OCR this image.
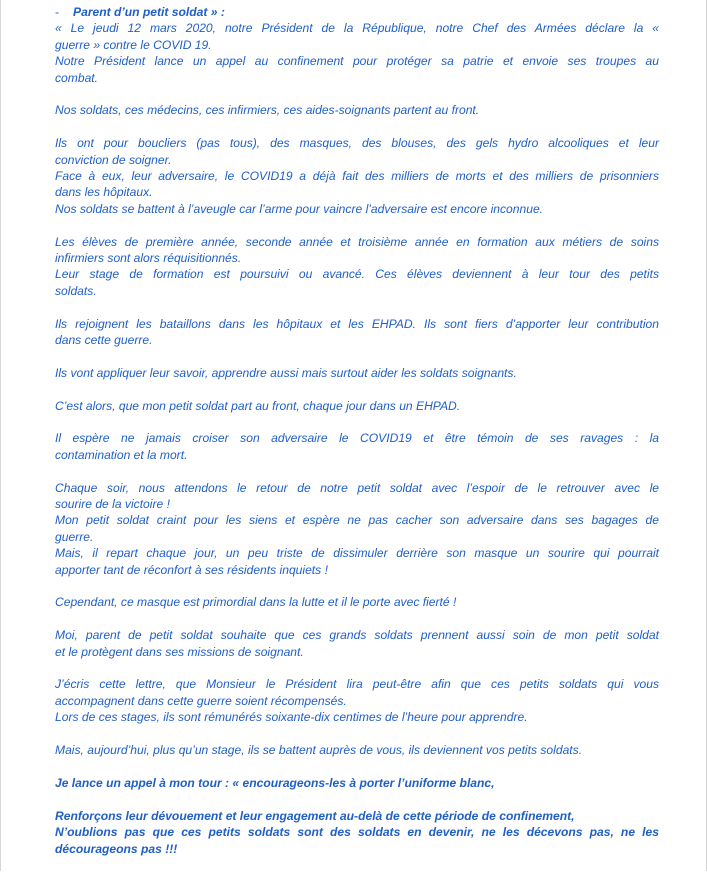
- Parent d’un petit soldat » :

« Le jeudi 12 mars 2020, notre Président de la République, notre Chef des Armées déclare la «
guerre » contre le COVID 19.
Notre Président lance un appel au confinement pour protéger sa patrie et envoie ses troupes au
combat.
Nos soldats, ces médecins, ces infirmiers, ces aides-soignants partent au front.
Ils ont pour boucliers (pas tous), des masques, des blouses, des gels hydro alcooliques et leur
conviction de soigner.
Face à eux, leur adversaire, le COVID19 a déjà fait des milliers de morts et des milliers de prisonniers
dans les hôpitaux.
Nos soldats se battent à l’aveugle car l’arme pour vaincre l’adversaire est encore inconnue.
Les élèves de première année, seconde année et troisième année en formation aux métiers de soins
infirmiers sont alors réquisitionnés.
Leur stage de formation est poursuivi ou avancé. Ces élèves deviennent à leur tour des petits
soldats.
Ils rejoignent les bataillons dans les hôpitaux et les EHPAD. Ils sont fiers d’apporter leur contribution
dans cette guerre.
Ils vont appliquer leur savoir, apprendre aussi mais surtout aider les soldats soignants.
C’est alors, que mon petit soldat part au front, chaque jour dans un EHPAD.
Il espère ne jamais croiser son adversaire le COVID19 et être témoin de ses ravages : la
contamination et la mort.
Chaque soir, nous attendons le retour de notre petit soldat avec l’espoir de le retrouver avec le
sourire de la victoire !
Mon petit soldat craint pour les siens et espère ne pas cacher son adversaire dans ses bagages de
guerre.
Mais, il repart chaque jour, un peu triste de dissimuler derrière son masque un sourire qui pourrait
apporter tant de réconfort à ses résidents inquiets !
Cependant, ce masque est primordial dans la lutte et il le porte avec fierté !
Moi, parent de petit soldat souhaite que ces grands soldats prennent aussi soin de mon petit soldat
et le protègent dans ses missions de soignant.
J’écris cette lettre, que Monsieur le Président lira peut-être afin que ces petits soldats qui vous
accompagnent dans cette guerre soient récompensés.
Lors de ces stages, ils sont rémunérés soixante-dix centimes de l’heure pour apprendre.
Mais, aujourd’hui, plus qu’un stage, ils se battent auprès de vous, ils deviennent vos petits soldats.
Je lance un appel à mon tour : « encourageons-les à porter l’uniforme blanc,
Renforçons leur dévouement et leur engagement au-delà de cette période de confinement,
N’oublions pas que ces petits soldats sont des soldats en devenir, ne les décevons pas, ne les
décourageons pas !!!
